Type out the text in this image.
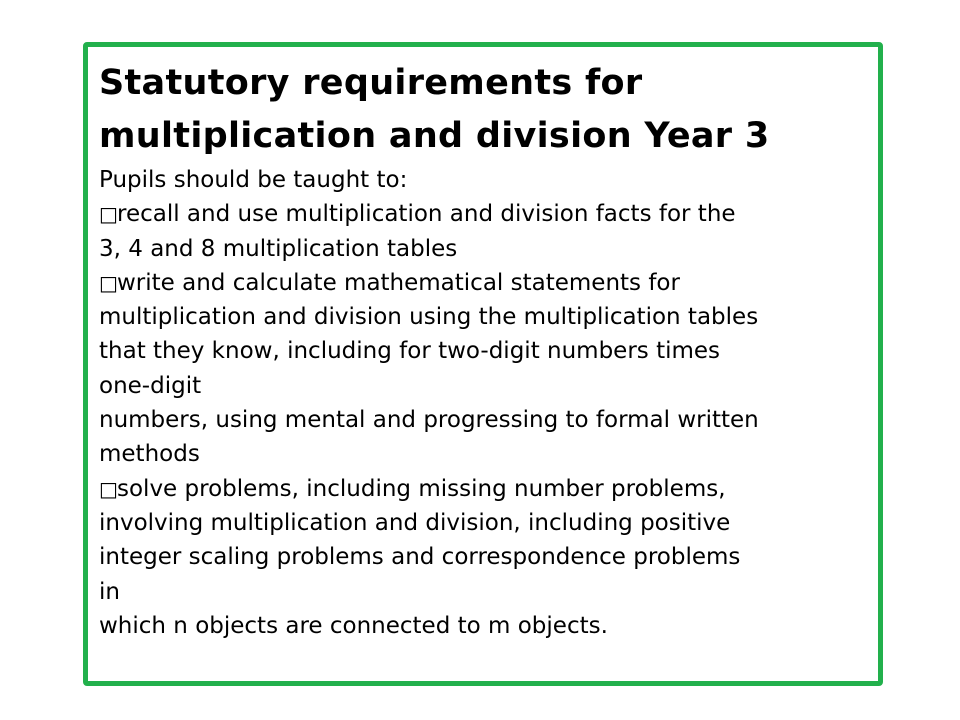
Statutory requirements for

multiplication and division Year 3

Pupils should be taught to:

□recall and use multiplication and division facts for the

3, 4 and 8 multiplication tables

□write and calculate mathematical statements for

multiplication and division using the multiplication tables

that they know, including for two-digit numbers times

one-digit

numbers, using mental and progressing to formal written

methods

□solve problems, including missing number problems,

involving multiplication and division, including positive

integer scaling problems and correspondence problems

in

which n objects are connected to m objects.
